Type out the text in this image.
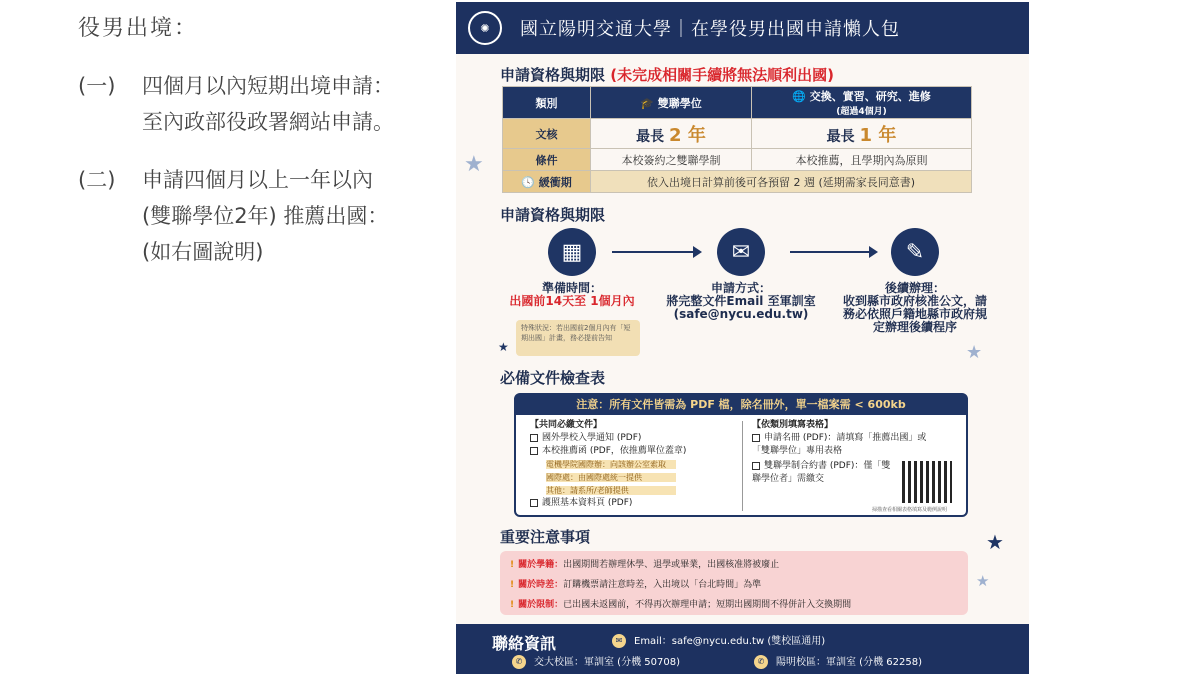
役男出境：
(一)	四個月以內短期出境申請：
至內政部役政署網站申請。
(二)	申請四個月以上一年以內
(雙聯學位2年) 推薦出國：
(如右圖說明)
✺	國立陽明交通大學｜在學役男出國申請懶人包
★
★	★
★
★
申請資格與期限 (未完成相關手續將無法順利出國)
類別	🎓 雙聯學位	🌐 交換、實習、研究、進修
(超過4個月)
文核	最長 2 年	最長 1 年
條件	本校簽約之雙聯學制	本校推薦，且學期內為原則
🕓 緩衝期	依入出境日計算前後可各預留 2 週 (延期需家長同意書)	
申請資格與期限
▦
準備時間：
出國前14天至 1個月內
✉
申請方式：
將完整文件Email 至軍訓室 (safe@nycu.edu.tw)
✎
後續辦理：
收到縣市政府核准公文，請務必依照戶籍地縣市政府規定辦理後續程序
特殊狀況：若出國前2個月內有「短期出國」計畫，務必提前告知
必備文件檢查表
注意：所有文件皆需為 PDF 檔，除名冊外，單一檔案需 < 600kb
【共同必繳文件】
國外學校入學通知 (PDF)
本校推薦函 (PDF，依推薦單位蓋章)
電機學院國際辦：向該辦公室索取
國際處：由國際處統一提供
其他：請系所/老師提供
護照基本資料頁 (PDF)
【依類別填寫表格】
申請名冊 (PDF)：請填寫「推薦出國」或「雙聯學位」專用表格
雙聯學制合約書 (PDF)：僅「雙聯學位者」需繳交
掃描查看相關表格填寫及範例說明
重要注意事項
! 關於學籍：出國期間若辦理休學、退學或畢業，出國核准將被廢止
! 關於時差：訂購機票請注意時差，入出境以「台北時間」為準
! 關於限制：已出國未返國前，不得再次辦理申請；短期出國期間不得併計入交換期間
聯絡資訊	✉ Email：safe@nycu.edu.tw (雙校區通用)
✆ 交大校區：軍訓室 (分機 50708)	✆ 陽明校區：軍訓室 (分機 62258)
